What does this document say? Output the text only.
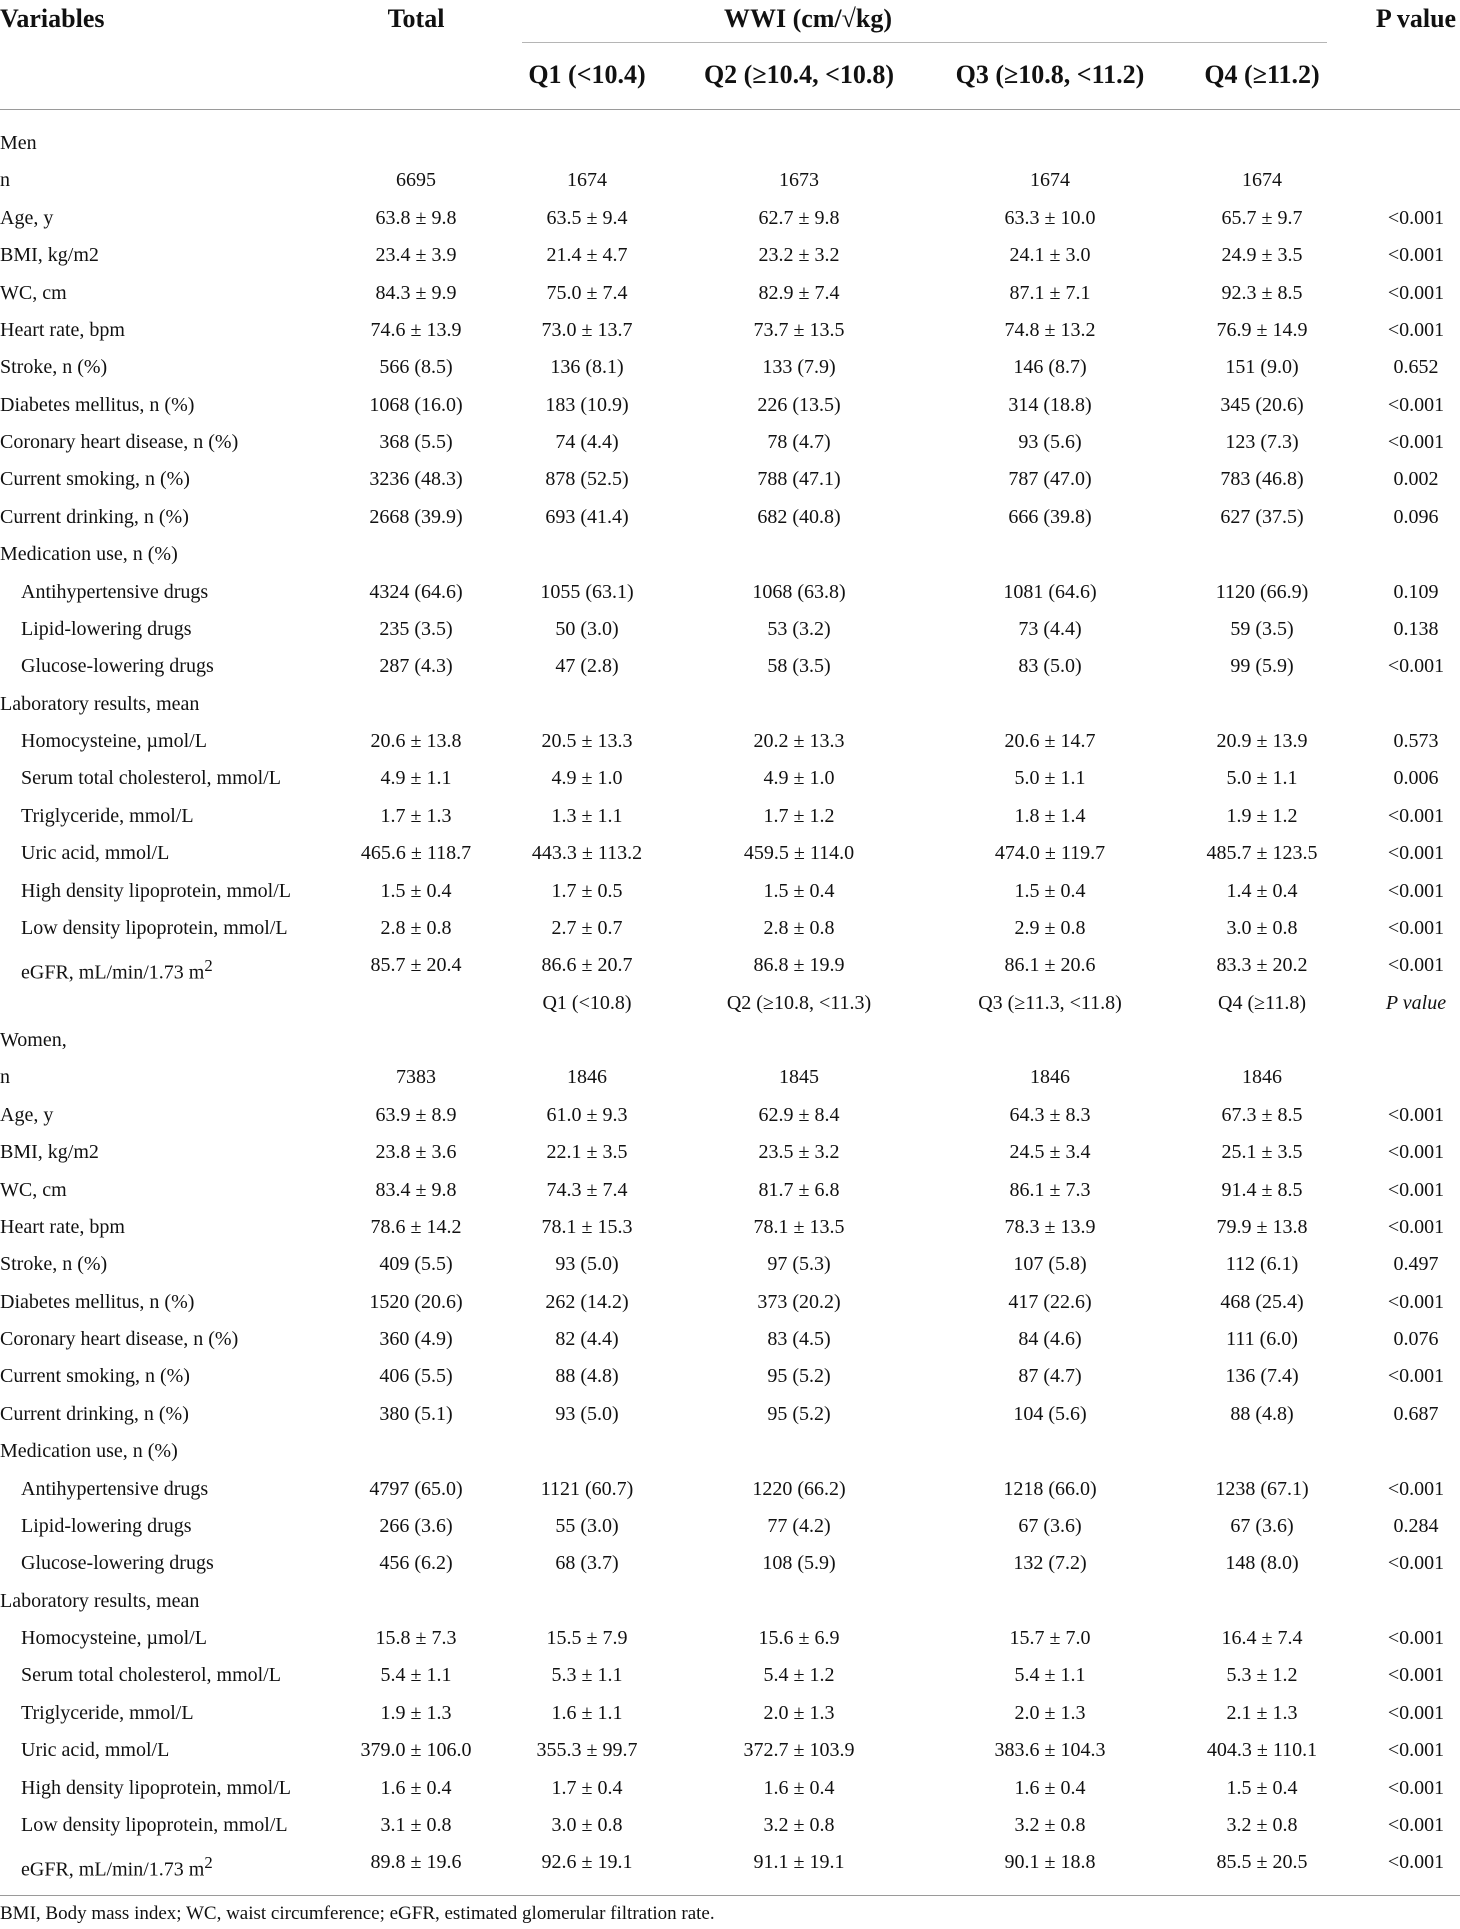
Variables	Total	WWI (cm/√kg)	P value
Q1 (<10.4) Q2 (≥10.4, <10.8) Q3 (≥10.8, <11.2) Q4 (≥11.2)
Men
n	6695	1674	1673	1674	1674
Age, y	63.8 ± 9.8	63.5 ± 9.4	62.7 ± 9.8	63.3 ± 10.0	65.7 ± 9.7	<0.001
BMI, kg/m2	23.4 ± 3.9	21.4 ± 4.7	23.2 ± 3.2	24.1 ± 3.0	24.9 ± 3.5	<0.001
WC, cm	84.3 ± 9.9	75.0 ± 7.4	82.9 ± 7.4	87.1 ± 7.1	92.3 ± 8.5	<0.001
Heart rate, bpm	74.6 ± 13.9	73.0 ± 13.7	73.7 ± 13.5	74.8 ± 13.2	76.9 ± 14.9	<0.001
Stroke, n (%)	566 (8.5)	136 (8.1)	133 (7.9)	146 (8.7)	151 (9.0)	0.652
Diabetes mellitus, n (%)	1068 (16.0)	183 (10.9)	226 (13.5)	314 (18.8)	345 (20.6)	<0.001
Coronary heart disease, n (%)	368 (5.5)	74 (4.4)	78 (4.7)	93 (5.6)	123 (7.3)	<0.001
Current smoking, n (%)	3236 (48.3)	878 (52.5)	788 (47.1)	787 (47.0)	783 (46.8)	0.002
Current drinking, n (%)	2668 (39.9)	693 (41.4)	682 (40.8)	666 (39.8)	627 (37.5)	0.096
Medication use, n (%)
Antihypertensive drugs	4324 (64.6)	1055 (63.1)	1068 (63.8)	1081 (64.6)	1120 (66.9)	0.109
Lipid-lowering drugs	235 (3.5)	50 (3.0)	53 (3.2)	73 (4.4)	59 (3.5)	0.138
Glucose-lowering drugs	287 (4.3)	47 (2.8)	58 (3.5)	83 (5.0)	99 (5.9)	<0.001
Laboratory results, mean
Homocysteine, µmol/L	20.6 ± 13.8	20.5 ± 13.3	20.2 ± 13.3	20.6 ± 14.7	20.9 ± 13.9	0.573
Serum total cholesterol, mmol/L	4.9 ± 1.1	4.9 ± 1.0	4.9 ± 1.0	5.0 ± 1.1	5.0 ± 1.1	0.006
Triglyceride, mmol/L	1.7 ± 1.3	1.3 ± 1.1	1.7 ± 1.2	1.8 ± 1.4	1.9 ± 1.2	<0.001
Uric acid, mmol/L	465.6 ± 118.7	443.3 ± 113.2	459.5 ± 114.0	474.0 ± 119.7	485.7 ± 123.5	<0.001
High density lipoprotein, mmol/L	1.5 ± 0.4	1.7 ± 0.5	1.5 ± 0.4	1.5 ± 0.4	1.4 ± 0.4	<0.001
Low density lipoprotein, mmol/L	2.8 ± 0.8	2.7 ± 0.7	2.8 ± 0.8	2.9 ± 0.8	3.0 ± 0.8	<0.001
eGFR, mL/min/1.73 $m^2$	85.7 ± 20.4	86.6 ± 20.7	86.8 ± 19.9	86.1 ± 20.6	83.3 ± 20.2	<0.001
Q1 (<10.8)	Q2 (≥10.8, <11.3)	Q3 (≥11.3, <11.8)	Q4 (≥11.8)	P value
Women,
n	7383	1846	1845	1846	1846
Age, y	63.9 ± 8.9	61.0 ± 9.3	62.9 ± 8.4	64.3 ± 8.3	67.3 ± 8.5	<0.001
BMI, kg/m2	23.8 ± 3.6	22.1 ± 3.5	23.5 ± 3.2	24.5 ± 3.4	25.1 ± 3.5	<0.001
WC, cm	83.4 ± 9.8	74.3 ± 7.4	81.7 ± 6.8	86.1 ± 7.3	91.4 ± 8.5	<0.001
Heart rate, bpm	78.6 ± 14.2	78.1 ± 15.3	78.1 ± 13.5	78.3 ± 13.9	79.9 ± 13.8	<0.001
Stroke, n (%)	409 (5.5)	93 (5.0)	97 (5.3)	107 (5.8)	112 (6.1)	0.497
Diabetes mellitus, n (%)	1520 (20.6)	262 (14.2)	373 (20.2)	417 (22.6)	468 (25.4)	<0.001
Coronary heart disease, n (%)	360 (4.9)	82 (4.4)	83 (4.5)	84 (4.6)	111 (6.0)	0.076
Current smoking, n (%)	406 (5.5)	88 (4.8)	95 (5.2)	87 (4.7)	136 (7.4)	<0.001
Current drinking, n (%)	380 (5.1)	93 (5.0)	95 (5.2)	104 (5.6)	88 (4.8)	0.687
Medication use, n (%)
Antihypertensive drugs	4797 (65.0)	1121 (60.7)	1220 (66.2)	1218 (66.0)	1238 (67.1)	<0.001
Lipid-lowering drugs	266 (3.6)	55 (3.0)	77 (4.2)	67 (3.6)	67 (3.6)	0.284
Glucose-lowering drugs	456 (6.2)	68 (3.7)	108 (5.9)	132 (7.2)	148 (8.0)	<0.001
Laboratory results, mean
Homocysteine, µmol/L	15.8 ± 7.3	15.5 ± 7.9	15.6 ± 6.9	15.7 ± 7.0	16.4 ± 7.4	<0.001
Serum total cholesterol, mmol/L	5.4 ± 1.1	5.3 ± 1.1	5.4 ± 1.2	5.4 ± 1.1	5.3 ± 1.2	<0.001
Triglyceride, mmol/L	1.9 ± 1.3	1.6 ± 1.1	2.0 ± 1.3	2.0 ± 1.3	2.1 ± 1.3	<0.001
Uric acid, mmol/L	379.0 ± 106.0	355.3 ± 99.7	372.7 ± 103.9	383.6 ± 104.3	404.3 ± 110.1	<0.001
High density lipoprotein, mmol/L	1.6 ± 0.4	1.7 ± 0.4	1.6 ± 0.4	1.6 ± 0.4	1.5 ± 0.4	<0.001
Low density lipoprotein, mmol/L	3.1 ± 0.8	3.0 ± 0.8	3.2 ± 0.8	3.2 ± 0.8	3.2 ± 0.8	<0.001
eGFR, mL/min/1.73 $m^2$	89.8 ± 19.6	92.6 ± 19.1	91.1 ± 19.1	90.1 ± 18.8	85.5 ± 20.5	<0.001
BMI, Body mass index; WC, waist circumference; eGFR, estimated glomerular filtration rate.
